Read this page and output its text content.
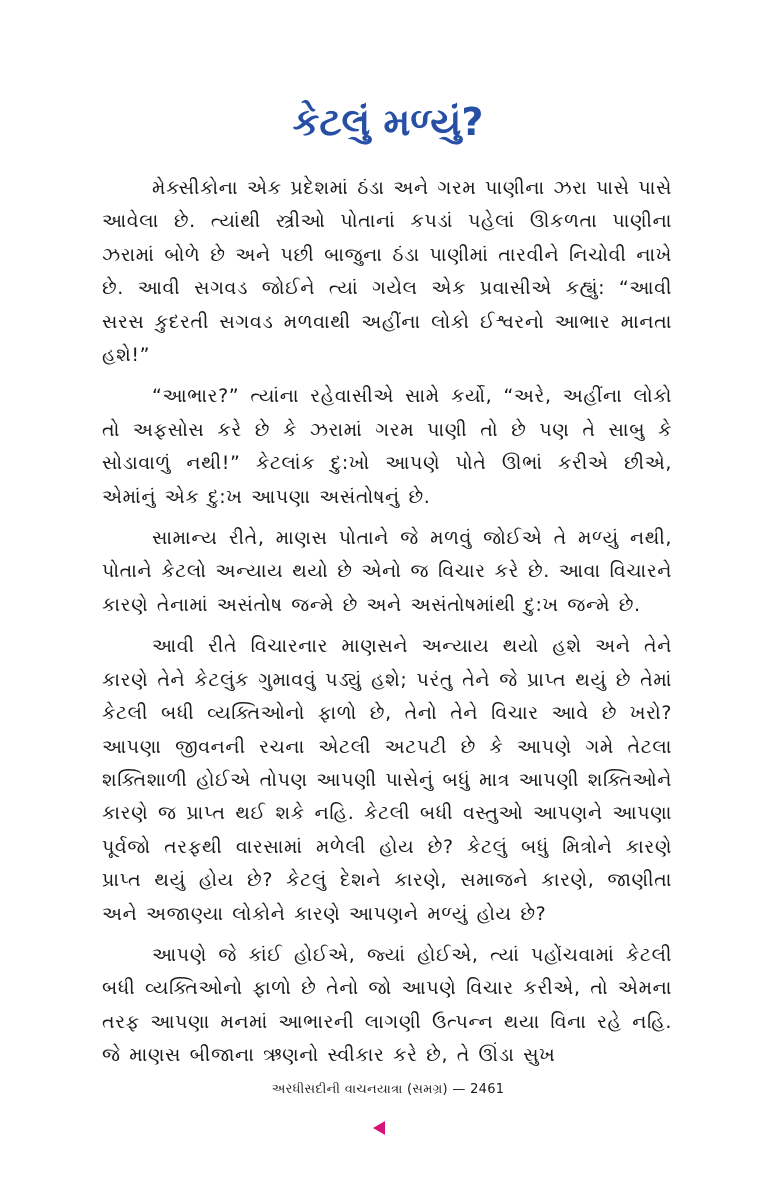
કેટલું મળ્યું?

મેક્સીકોના એક પ્રદેશમાં ઠંડા અને ગરમ પાણીના ઝરા પાસે પાસે આવેલા છે. ત્યાંથી સ્ત્રીઓ પોતાનાં કપડાં પહેલાં ઊકળતા પાણીના ઝરામાં બોળે છે અને પછી બાજુના ઠંડા પાણીમાં તારવીને નિચોવી નાખે છે. આવી સગવડ જોઈને ત્યાં ગયેલ એક પ્રવાસીએ કહ્યું: “આવી સરસ કુદરતી સગવડ મળવાથી અહીંના લોકો ઈશ્વરનો આભાર માનતા હશે!”

“આભાર?” ત્યાંના રહેવાસીએ સામે કર્યો, “અરે, અહીંના લોકો તો અફસોસ કરે છે કે ઝરામાં ગરમ પાણી તો છે પણ તે સાબુ કે સોડાવાળું નથી!” કેટલાંક દુ:ખો આપણે પોતે ઊભાં કરીએ છીએ, એમાંનું એક દુ:ખ આપણા અસંતોષનું છે.

સામાન્ય રીતે, માણસ પોતાને જે મળવું જોઈએ તે મળ્યું નથી, પોતાને કેટલો અન્યાય થયો છે એનો જ વિચાર કરે છે. આવા વિચારને કારણે તેનામાં અસંતોષ જન્મે છે અને અસંતોષમાંથી દુ:ખ જન્મે છે.

આવી રીતે વિચારનાર માણસને અન્યાય થયો હશે અને તેને કારણે તેને કેટલુંક ગુમાવવું પડ્યું હશે; પરંતુ તેને જે પ્રાપ્ત થયું છે તેમાં કેટલી બધી વ્યક્તિઓનો ફાળો છે, તેનો તેને વિચાર આવે છે ખરો? આપણા જીવનની રચના એટલી અટપટી છે કે આપણે ગમે તેટલા શક્તિશાળી હોઈએ તોપણ આપણી પાસેનું બધું માત્ર આપણી શક્તિઓને કારણે જ પ્રાપ્ત થઈ શકે નહિ. કેટલી બધી વસ્તુઓ આપણને આપણા પૂર્વજો તરફથી વારસામાં મળેલી હોય છે? કેટલું બધું મિત્રોને કારણે પ્રાપ્ત થયું હોય છે? કેટલું દેશને કારણે, સમાજને કારણે, જાણીતા અને અજાણ્યા લોકોને કારણે આપણને મળ્યું હોય છે?

આપણે જે કાંઈ હોઈએ, જ્યાં હોઈએ, ત્યાં પહોંચવામાં કેટલી બધી વ્યક્તિઓનો ફાળો છે તેનો જો આપણે વિચાર કરીએ, તો એમના તરફ આપણા મનમાં આભારની લાગણી ઉત્પન્ન થયા વિના રહે નહિ. જે માણસ બીજાના ઋણનો સ્વીકાર કરે છે, તે ઊંડા સુખ

અરધીસદીની વાચનયાત્રા (સમગ્ર) — 2461
